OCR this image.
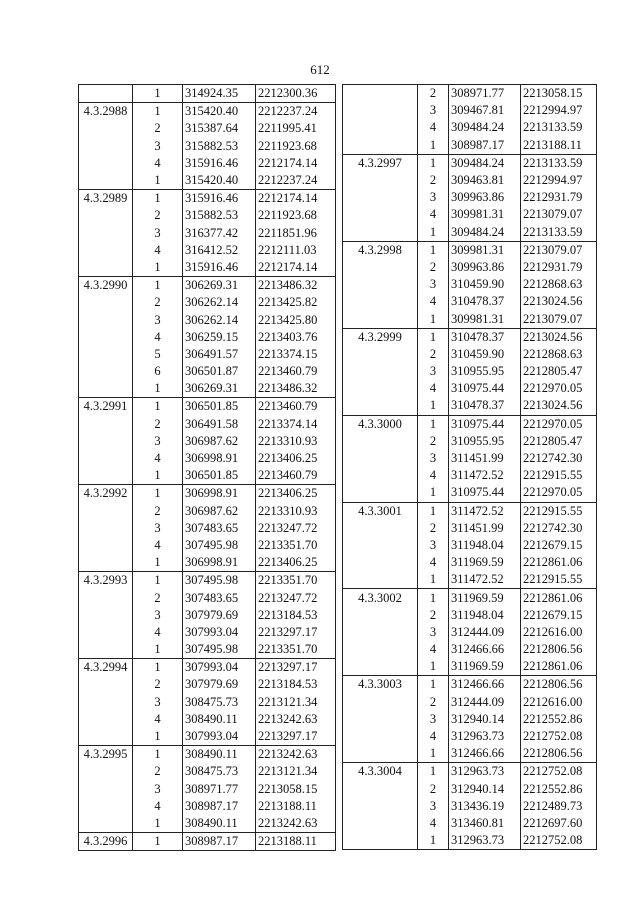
612
	1	314924.35	2212300.36
4.3.2988	1	315420.40	2212237.24
	2	315387.64	2211995.41
	3	315882.53	2211923.68
	4	315916.46	2212174.14
	1	315420.40	2212237.24
4.3.2989	1	315916.46	2212174.14
	2	315882.53	2211923.68
	3	316377.42	2211851.96
	4	316412.52	2212111.03
	1	315916.46	2212174.14
4.3.2990	1	306269.31	2213486.32
	2	306262.14	2213425.82
	3	306262.14	2213425.80
	4	306259.15	2213403.76
	5	306491.57	2213374.15
	6	306501.87	2213460.79
	1	306269.31	2213486.32
4.3.2991	1	306501.85	2213460.79
	2	306491.58	2213374.14
	3	306987.62	2213310.93
	4	306998.91	2213406.25
	1	306501.85	2213460.79
4.3.2992	1	306998.91	2213406.25
	2	306987.62	2213310.93
	3	307483.65	2213247.72
	4	307495.98	2213351.70
	1	306998.91	2213406.25
4.3.2993	1	307495.98	2213351.70
	2	307483.65	2213247.72
	3	307979.69	2213184.53
	4	307993.04	2213297.17
	1	307495.98	2213351.70
4.3.2994	1	307993.04	2213297.17
	2	307979.69	2213184.53
	3	308475.73	2213121.34
	4	308490.11	2213242.63
	1	307993.04	2213297.17
4.3.2995	1	308490.11	2213242.63
	2	308475.73	2213121.34
	3	308971.77	2213058.15
	4	308987.17	2213188.11
	1	308490.11	2213242.63
4.3.2996	1	308987.17	2213188.11
	2	308971.77	2213058.15
	3	309467.81	2212994.97
	4	309484.24	2213133.59
	1	308987.17	2213188.11
4.3.2997	1	309484.24	2213133.59
	2	309463.81	2212994.97
	3	309963.86	2212931.79
	4	309981.31	2213079.07
	1	309484.24	2213133.59
4.3.2998	1	309981.31	2213079.07
	2	309963.86	2212931.79
	3	310459.90	2212868.63
	4	310478.37	2213024.56
	1	309981.31	2213079.07
4.3.2999	1	310478.37	2213024.56
	2	310459.90	2212868.63
	3	310955.95	2212805.47
	4	310975.44	2212970.05
	1	310478.37	2213024.56
4.3.3000	1	310975.44	2212970.05
	2	310955.95	2212805.47
	3	311451.99	2212742.30
	4	311472.52	2212915.55
	1	310975.44	2212970.05
4.3.3001	1	311472.52	2212915.55
	2	311451.99	2212742.30
	3	311948.04	2212679.15
	4	311969.59	2212861.06
	1	311472.52	2212915.55
4.3.3002	1	311969.59	2212861.06
	2	311948.04	2212679.15
	3	312444.09	2212616.00
	4	312466.66	2212806.56
	1	311969.59	2212861.06
4.3.3003	1	312466.66	2212806.56
	2	312444.09	2212616.00
	3	312940.14	2212552.86
	4	312963.73	2212752.08
	1	312466.66	2212806.56
4.3.3004	1	312963.73	2212752.08
	2	312940.14	2212552.86
	3	313436.19	2212489.73
	4	313460.81	2212697.60
	1	312963.73	2212752.08
